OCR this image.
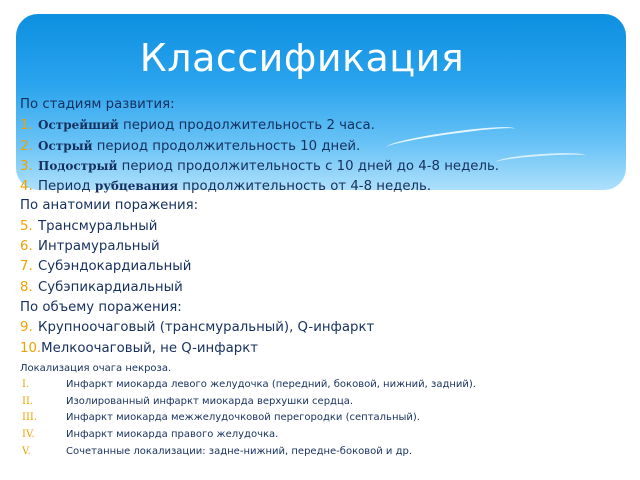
Классификация
По стадиям развития:
1. Острейший период продолжительность 2 часа.
2. Острый период продолжительность 10 дней.
3. Подострый период продолжительность с 10 дней до 4-8 недель.
4. Период рубцевания продолжительность от 4-8 недель.
По анатомии поражения:
5. Трансмуральный
6. Интрамуральный
7. Субэндокардиальный
8. Субэпикардиальный
По объему поражения:
9. Крупноочаговый (трансмуральный), Q-инфаркт
10.Мелкоочаговый, не Q-инфаркт
Локализация очага некроза.
I.	Инфаркт миокарда левого желудочка (передний, боковой, нижний, задний).
II.	Изолированный инфаркт миокарда верхушки сердца.
III.	Инфаркт миокарда межжелудочковой перегородки (септальный).
IV.	Инфаркт миокарда правого желудочка.
V.	Сочетанные локализации: задне-нижний, передне-боковой и др.
